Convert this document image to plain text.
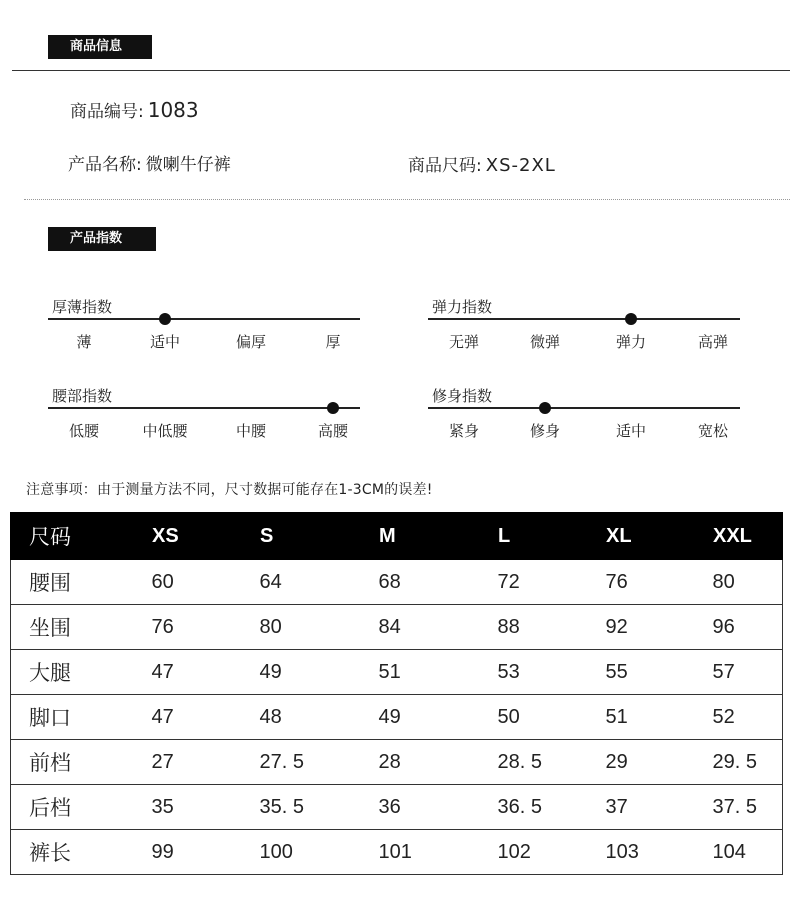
商品信息
商品编号: 1083
产品名称: 微喇牛仔裤	商品尺码: XS-2XL
产品指数
厚薄指数
薄	适中	偏厚	厚
弹力指数
无弹	微弹	弹力	高弹
腰部指数
低腰	中低腰	中腰	高腰
修身指数
紧身	修身	适中	宽松
注意事项：由于测量方法不同，尺寸数据可能存在1-3CM的误差!
尺码	XS	S	M	L	XL	XXL
腰围	60	64	68	72	76	80
坐围	76	80	84	88	92	96
大腿	47	49	51	53	55	57
脚口	47	48	49	50	51	52
前档	27	27. 5	28	28. 5	29	29. 5
后档	35	35. 5	36	36. 5	37	37. 5
裤长	99	100	101	102	103	104
